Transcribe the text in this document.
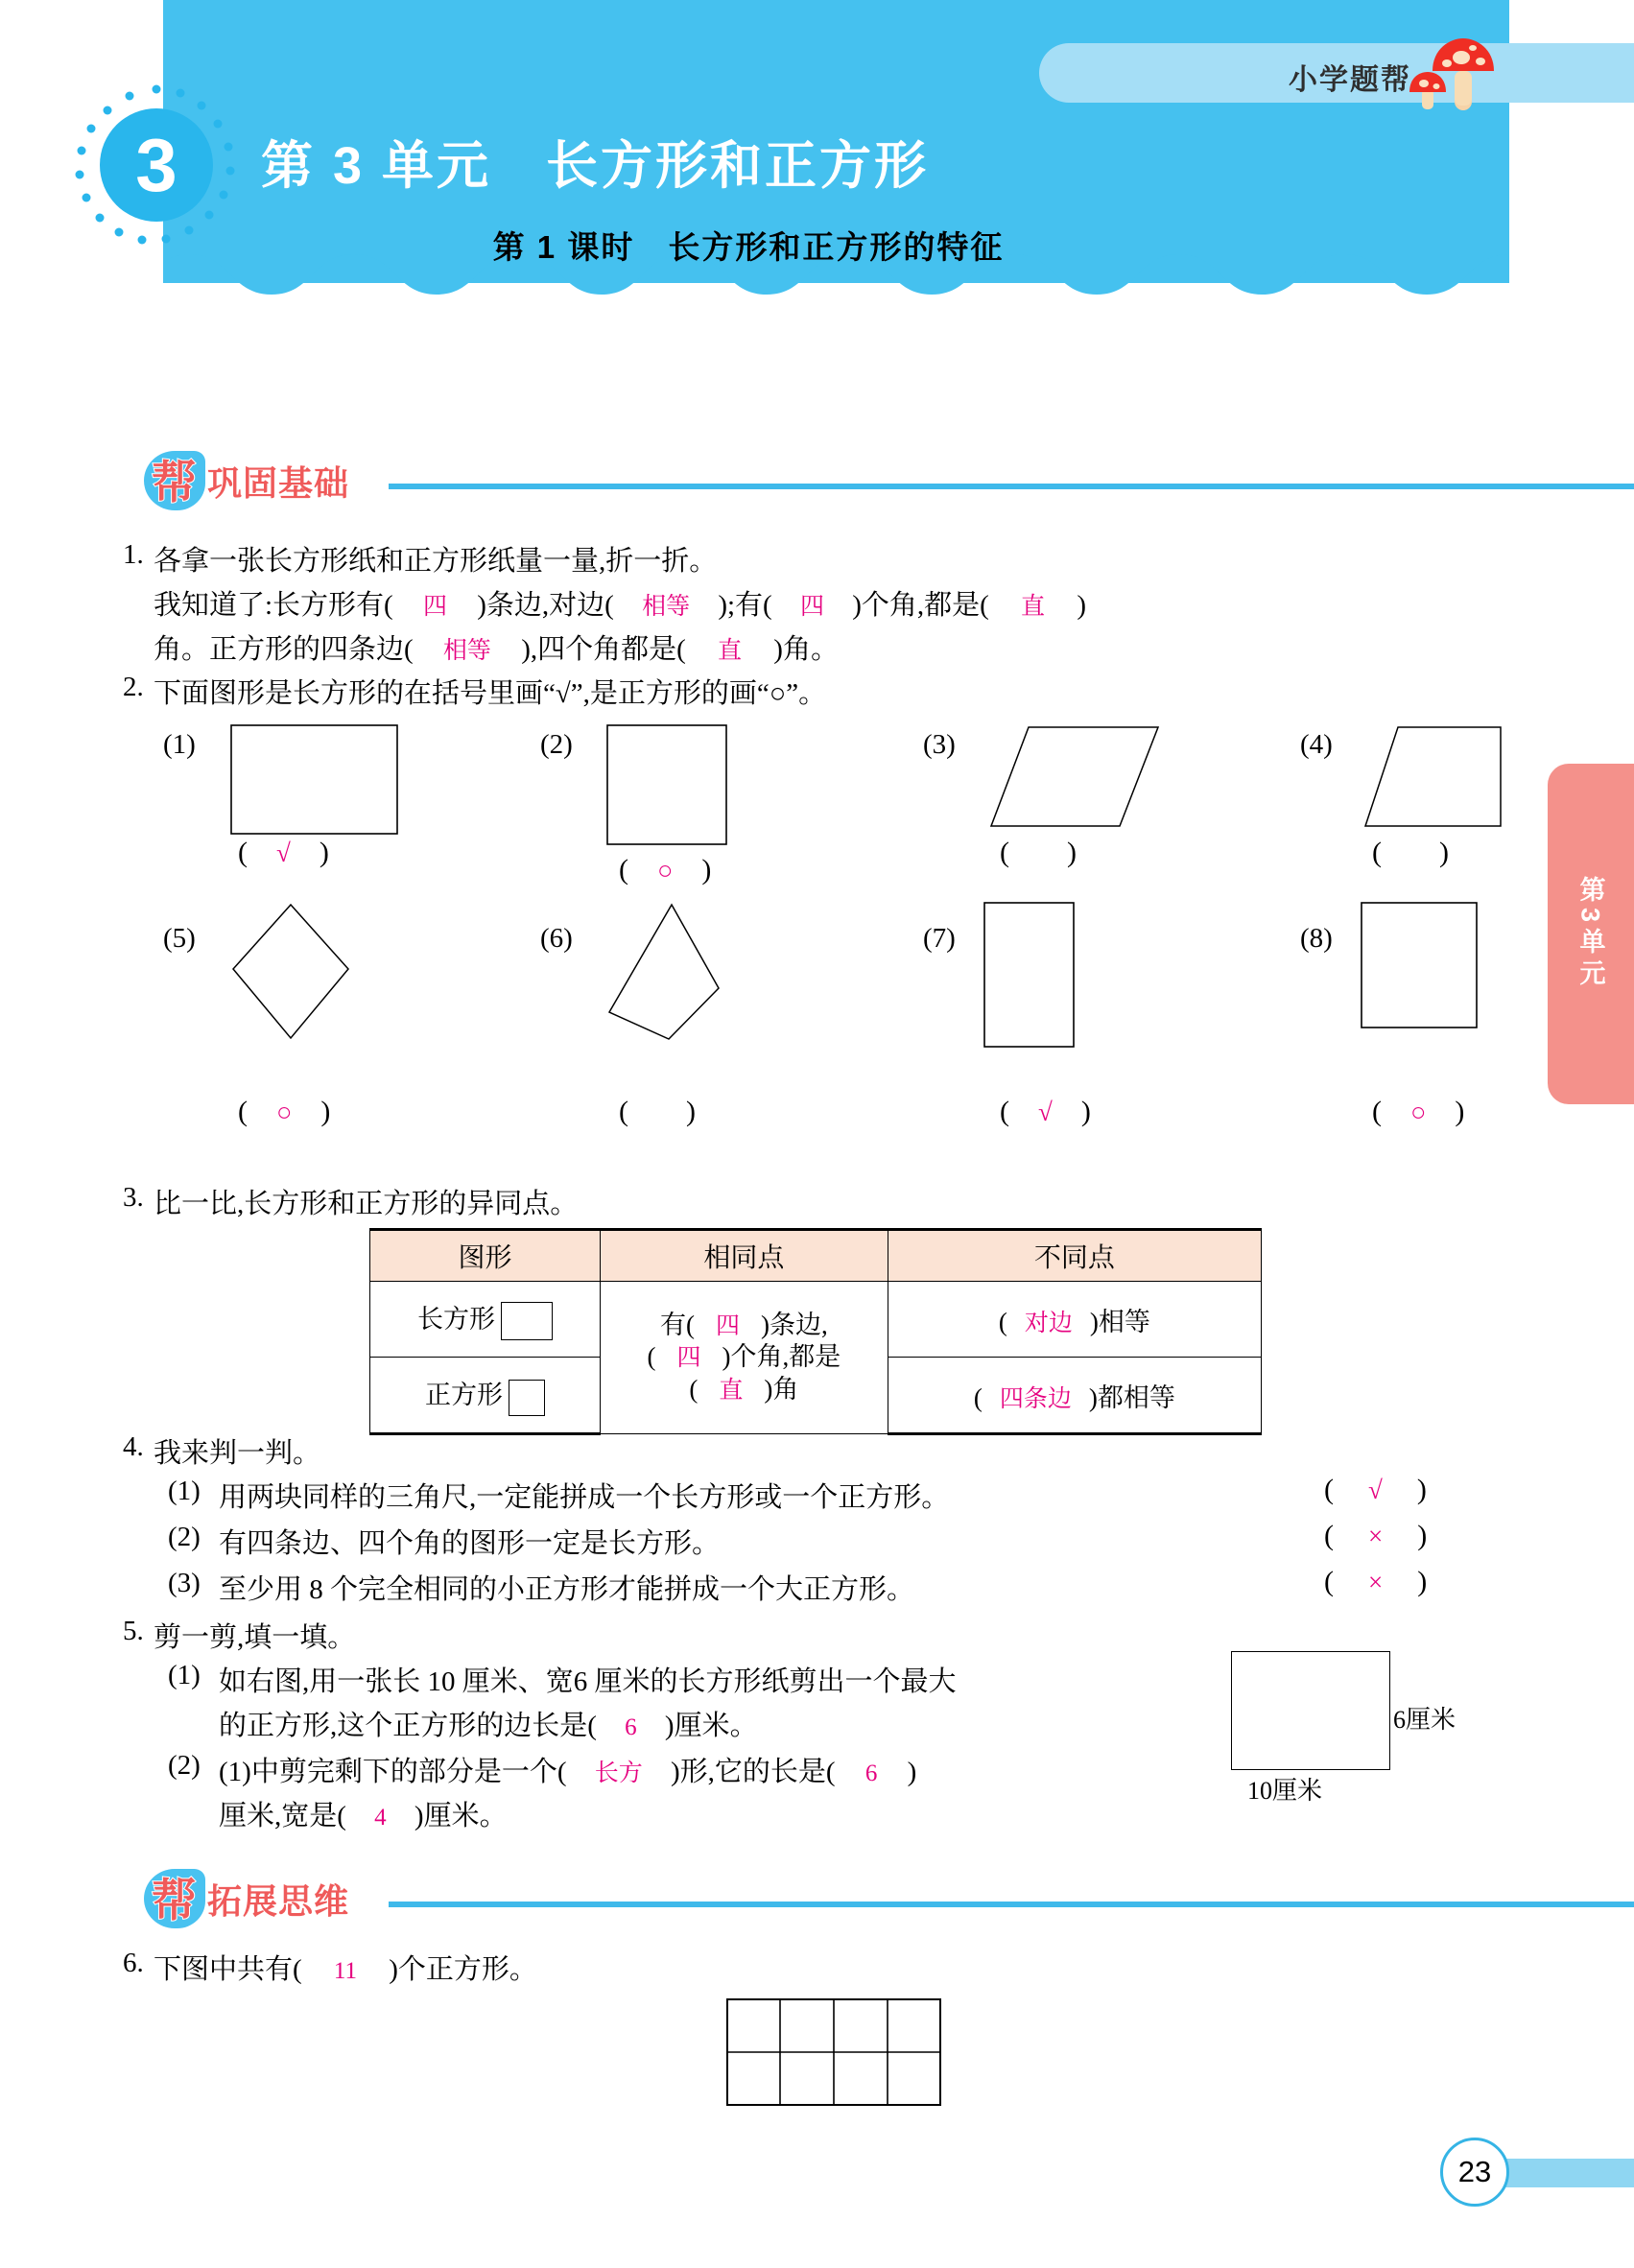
小学题帮
3	第 3 单元　长方形和正方形
第 1 课时　长方形和正方形的特征
第3单元
帮 巩固基础
1. 各拿一张长方形纸和正方形纸量一量,折一折。
我知道了:长方形有( 四 )条边,对边( 相等 );有( 四 )个角,都是( 直 )
角。正方形的四条边( 相等 ),四个角都是( 直 )角。
2. 下面图形是长方形的在括号里画“√”,是正方形的画“○”。
(1)
( √ )
(2)
( ○ )
(3)
( )
(4)
( )
(5)
( ○ )
(6)
( )
(7)
( √ )
(8)
( ○ )
3. 比一比,长方形和正方形的异同点。
图形	相同点	不同点
长方形	有( 四 )条边,
( 四 )个角,都是
( 直 )角	( 对边 )相等
正方形		( 四条边 )都相等
4. 我来判一判。
(1) 用两块同样的三角尺,一定能拼成一个长方形或一个正方形。	( √ )
(2) 有四条边、四个角的图形一定是长方形。	( × )
(3) 至少用 8 个完全相同的小正方形才能拼成一个大正方形。	( × )
5. 剪一剪,填一填。
(1) 如右图,用一张长 10 厘米、宽6 厘米的长方形纸剪出一个最大
的正方形,这个正方形的边长是( 6 )厘米。
(2) (1)中剪完剩下的部分是一个( 长方 )形,它的长是( 6 )
厘米,宽是( 4 )厘米。
6厘米
10厘米
帮 拓展思维
6. 下图中共有( 11 )个正方形。
23
